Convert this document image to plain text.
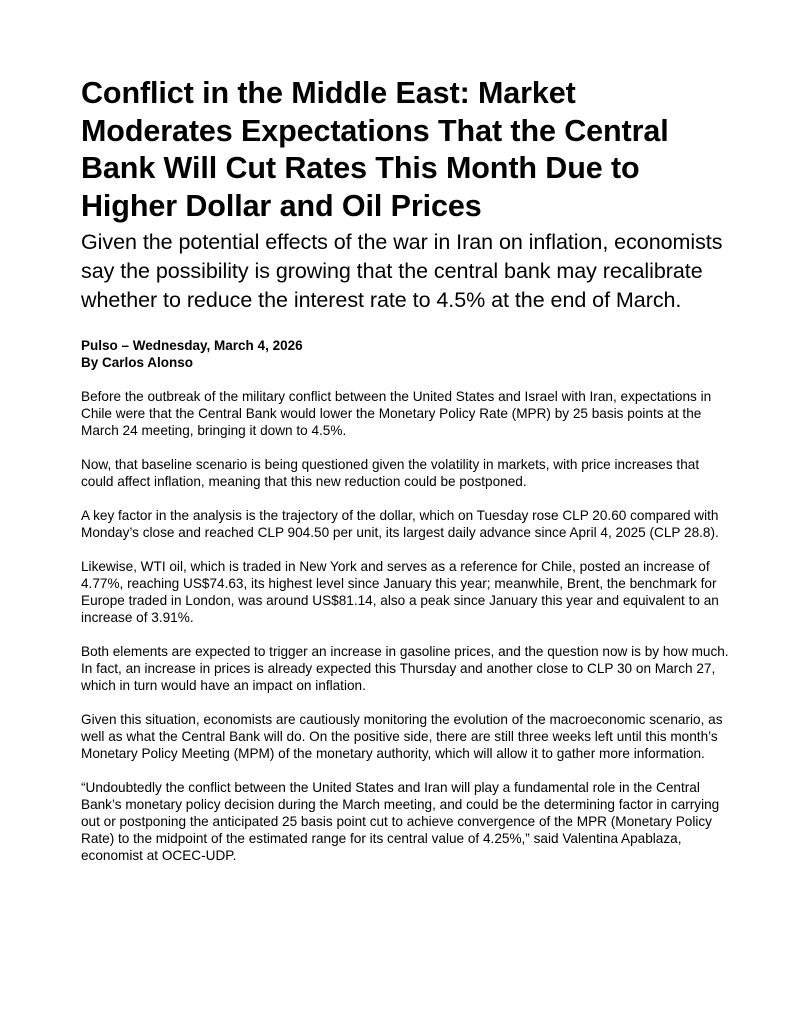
Conflict in the Middle East: Market Moderates Expectations That the Central Bank Will Cut Rates This Month Due to Higher Dollar and Oil Prices
Given the potential effects of the war in Iran on inflation, economists say the possibility is growing that the central bank may recalibrate whether to reduce the interest rate to 4.5% at the end of March.
Pulso – Wednesday, March 4, 2026
By Carlos Alonso

Before the outbreak of the military conflict between the United States and Israel with Iran, expectations in Chile were that the Central Bank would lower the Monetary Policy Rate (MPR) by 25 basis points at the March 24 meeting, bringing it down to 4.5%.

Now, that baseline scenario is being questioned given the volatility in markets, with price increases that could affect inflation, meaning that this new reduction could be postponed.

A key factor in the analysis is the trajectory of the dollar, which on Tuesday rose CLP 20.60 compared with Monday’s close and reached CLP 904.50 per unit, its largest daily advance since April 4, 2025 (CLP 28.8).

Likewise, WTI oil, which is traded in New York and serves as a reference for Chile, posted an increase of 4.77%, reaching US$74.63, its highest level since January this year; meanwhile, Brent, the benchmark for Europe traded in London, was around US$81.14, also a peak since January this year and equivalent to an increase of 3.91%.

Both elements are expected to trigger an increase in gasoline prices, and the question now is by how much. In fact, an increase in prices is already expected this Thursday and another close to CLP 30 on March 27, which in turn would have an impact on inflation.

Given this situation, economists are cautiously monitoring the evolution of the macroeconomic scenario, as well as what the Central Bank will do. On the positive side, there are still three weeks left until this month’s Monetary Policy Meeting (MPM) of the monetary authority, which will allow it to gather more information.

“Undoubtedly the conflict between the United States and Iran will play a fundamental role in the Central Bank’s monetary policy decision during the March meeting, and could be the determining factor in carrying out or postponing the anticipated 25 basis point cut to achieve convergence of the MPR (Monetary Policy Rate) to the midpoint of the estimated range for its central value of 4.25%,” said Valentina Apablaza, economist at OCEC-UDP.
